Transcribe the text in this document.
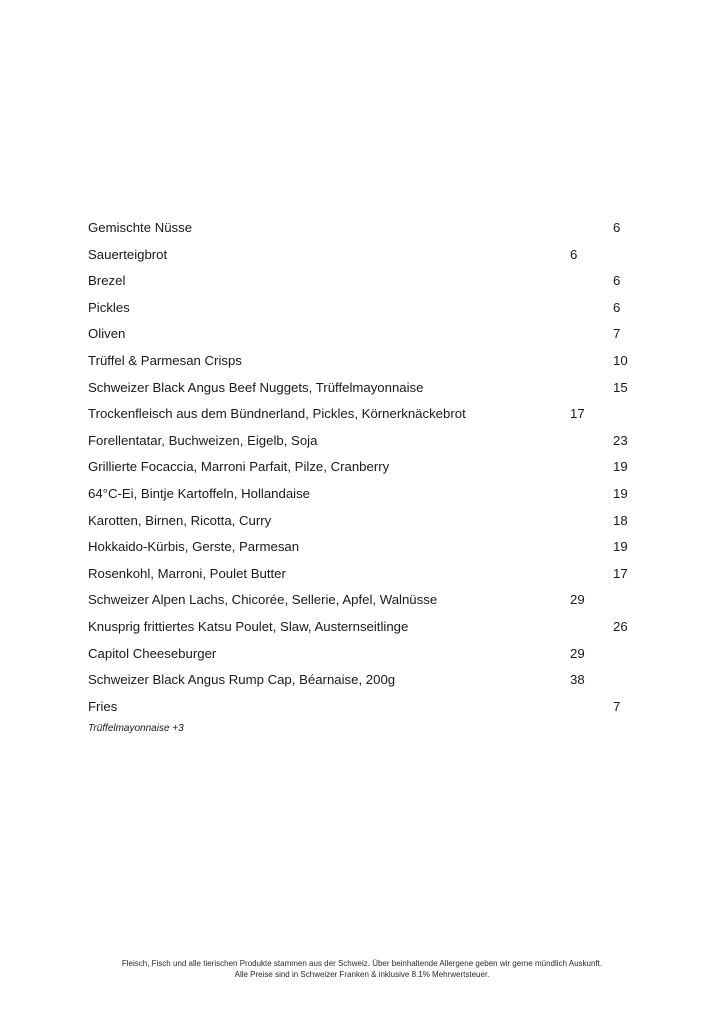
Gemischte Nüsse	6
Sauerteigbrot	6
Brezel	6
Pickles	6
Oliven	7
Trüffel & Parmesan Crisps	10
Schweizer Black Angus Beef Nuggets, Trüffelmayonnaise	15
Trockenfleisch aus dem Bündnerland, Pickles, Körnerknäckebrot	17
Forellentatar, Buchweizen, Eigelb, Soja	23
Grillierte Focaccia, Marroni Parfait, Pilze, Cranberry	19
64°C-Ei, Bintje Kartoffeln, Hollandaise	19
Karotten, Birnen, Ricotta, Curry	18
Hokkaido-Kürbis, Gerste, Parmesan	19
Rosenkohl, Marroni, Poulet Butter	17
Schweizer Alpen Lachs, Chicorée, Sellerie, Apfel, Walnüsse	29
Knusprig frittiertes Katsu Poulet, Slaw, Austernseitlinge	26
Capitol Cheeseburger	29
Schweizer Black Angus Rump Cap, Béarnaise, 200g	38
Fries	7
Trüffelmayonnaise +3
Fleisch, Fisch und alle tierischen Produkte stammen aus der Schweiz. Über beinhaltende Allergene geben wir gerne mündlich Auskunft.
Alle Preise sind in Schweizer Franken & inklusive 8.1% Mehrwertsteuer.
